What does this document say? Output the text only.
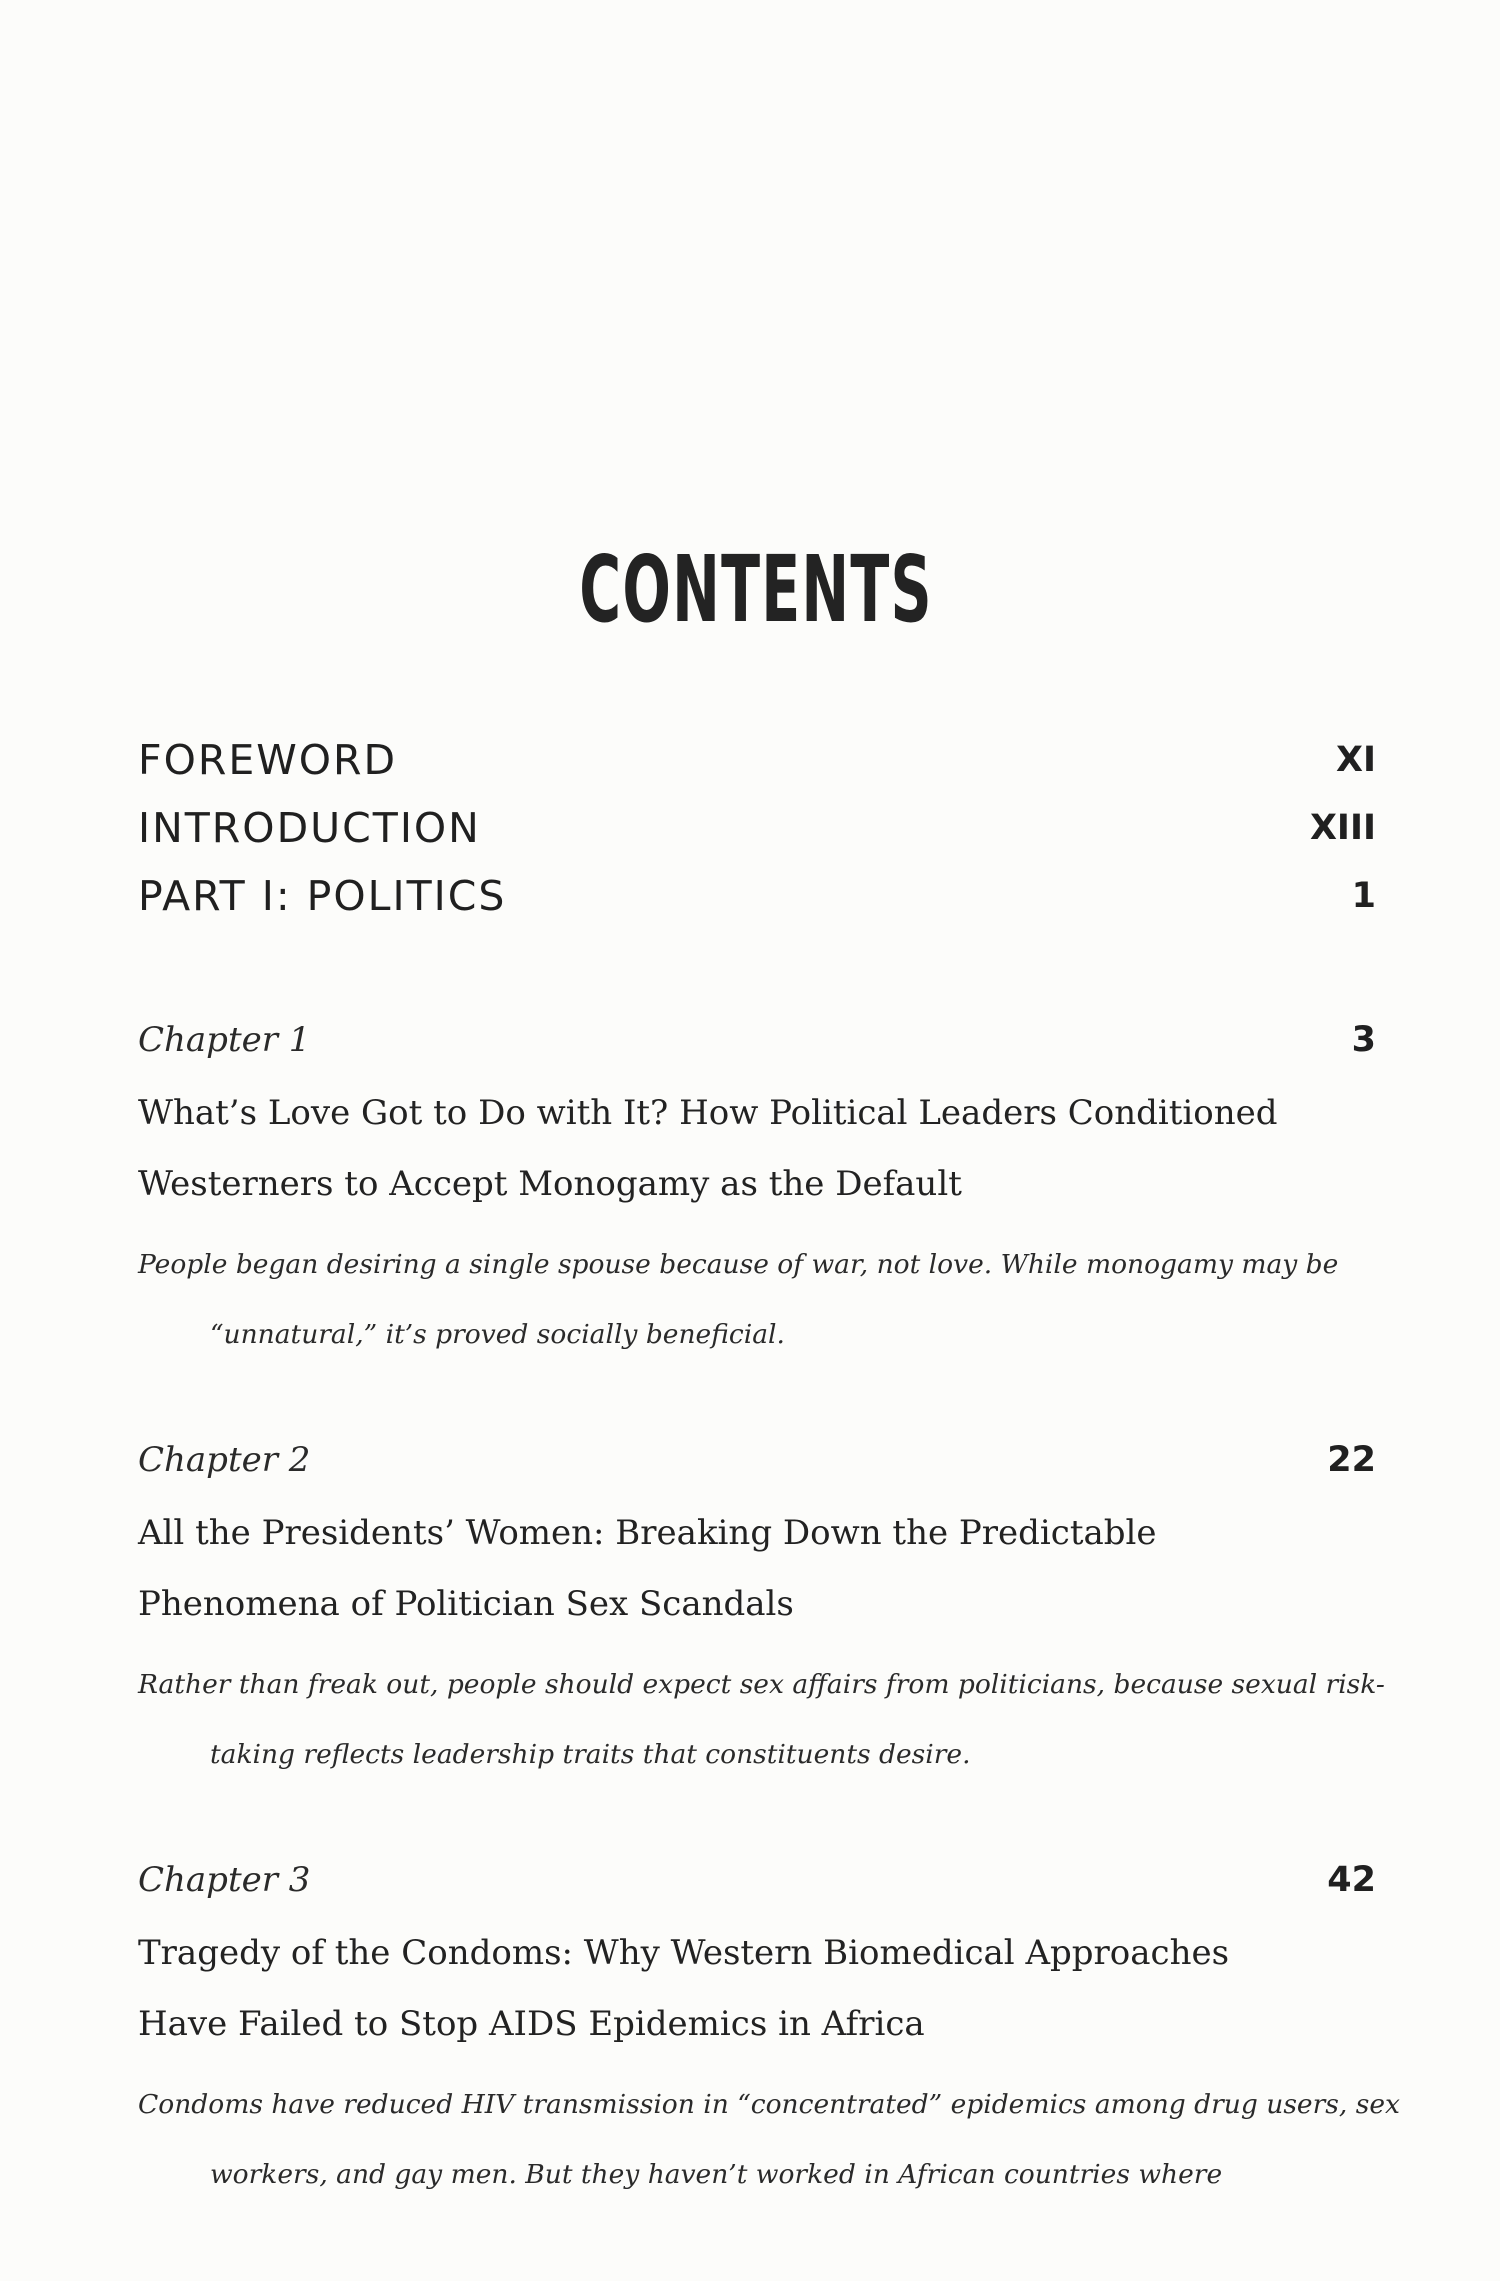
CONTENTS
FOREWORD	XI
INTRODUCTION	XIII
PART I: POLITICS	1
Chapter 1	3
What’s Love Got to Do with It? How Political Leaders Conditioned Westerners to Accept Monogamy as the Default
People began desiring a single spouse because of war, not love. While monogamy may be “unnatural,” it’s proved socially beneficial.
Chapter 2	22
All the Presidents’ Women: Breaking Down the Predictable Phenomena of Politician Sex Scandals
Rather than freak out, people should expect sex affairs from politicians, because sexual risk-taking reflects leadership traits that constituents desire.
Chapter 3	42
Tragedy of the Condoms: Why Western Biomedical Approaches Have Failed to Stop AIDS Epidemics in Africa
Condoms have reduced HIV transmission in “concentrated” epidemics among drug users, sex workers, and gay men. But they haven’t worked in African countries where
